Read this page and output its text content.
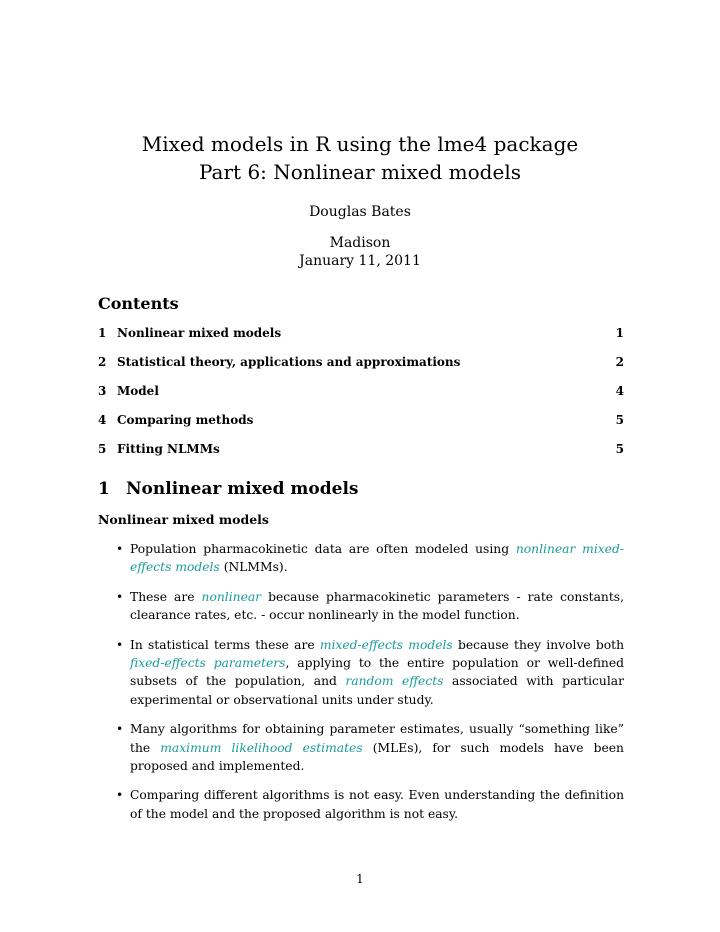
Mixed models in R using the lme4 package
Part 6: Nonlinear mixed models
Douglas Bates
Madison
January 11, 2011
Contents
1 Nonlinear mixed models	1
2 Statistical theory, applications and approximations	2
3 Model	4
4 Comparing methods	5
5 Fitting NLMMs	5
1 Nonlinear mixed models
Nonlinear mixed models
• Population pharmacokinetic data are often modeled using nonlinear mixed-effects models (NLMMs).
• These are nonlinear because pharmacokinetic parameters - rate constants, clearance rates, etc. - occur nonlinearly in the model function.
• In statistical terms these are mixed-effects models because they involve both fixed-effects parameters, applying to the entire population or well-defined subsets of the population, and random effects associated with particular experimental or observational units under study.
• Many algorithms for obtaining parameter estimates, usually “something like” the maximum likelihood estimates (MLEs), for such models have been proposed and implemented.
• Comparing different algorithms is not easy. Even understanding the definition of the model and the proposed algorithm is not easy.
1
